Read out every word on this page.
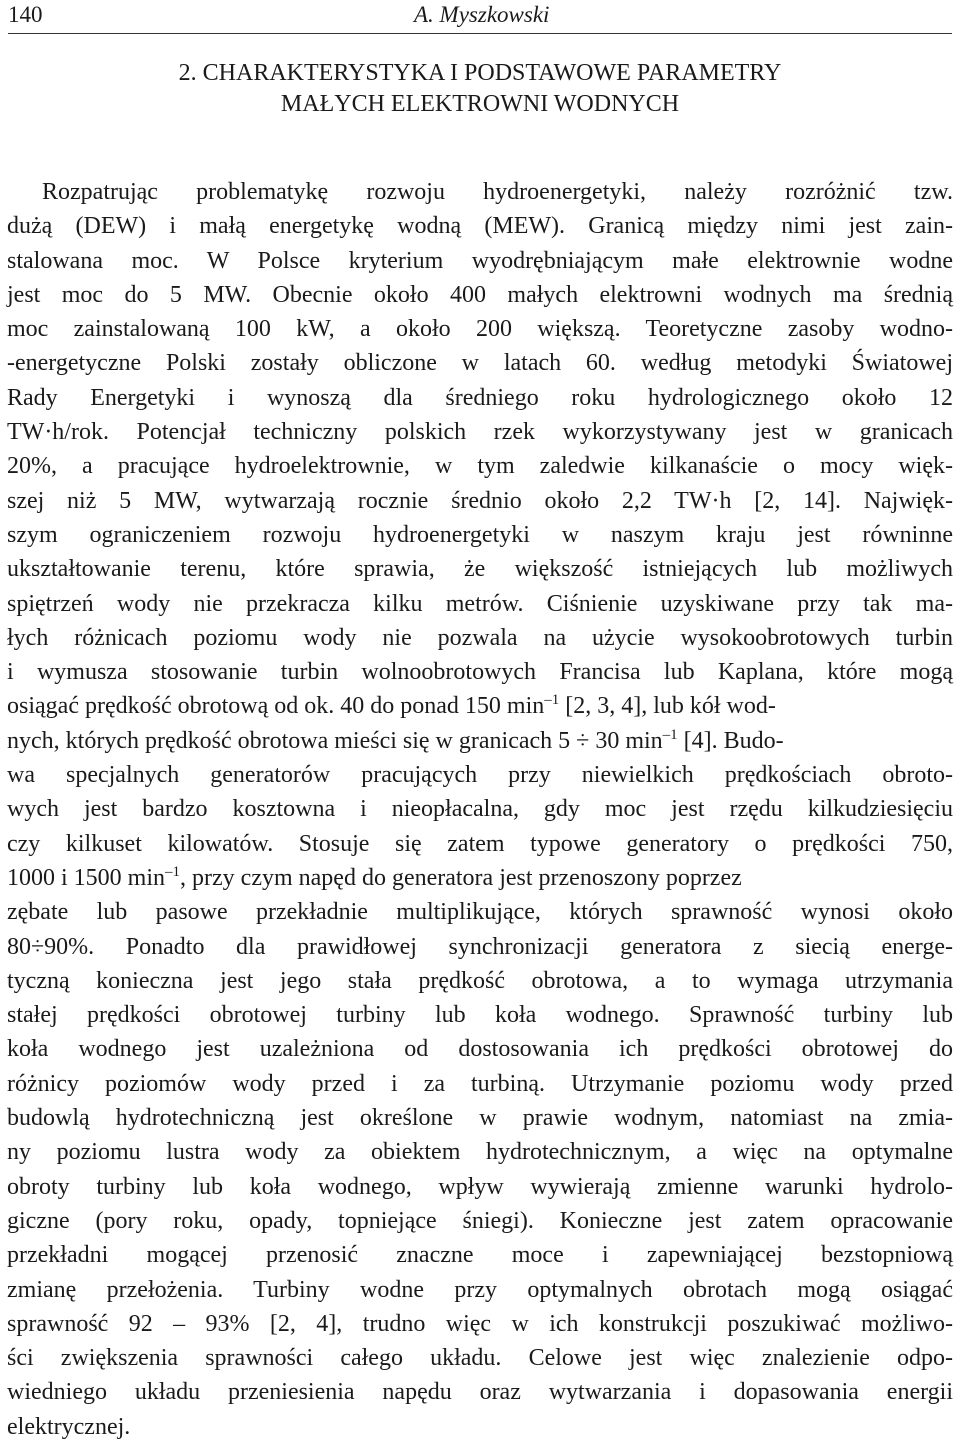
140	A. Myszkowski
2. CHARAKTERYSTYKA I PODSTAWOWE PARAMETRY
MAŁYCH ELEKTROWNI WODNYCH
Rozpatrując problematykę rozwoju hydroenergetyki, należy rozróżnić tzw.
dużą (DEW) i małą energetykę wodną (MEW). Granicą między nimi jest zain-
stalowana moc. W Polsce kryterium wyodrębniającym małe elektrownie wodne
jest moc do 5 MW. Obecnie około 400 małych elektrowni wodnych ma średnią
moc zainstalowaną 100 kW, a około 200 większą. Teoretyczne zasoby wodno-
-energetyczne Polski zostały obliczone w latach 60. według metodyki Światowej
Rady Energetyki i wynoszą dla średniego roku hydrologicznego około 12
TW·h/rok. Potencjał techniczny polskich rzek wykorzystywany jest w granicach
20%, a pracujące hydroelektrownie, w tym zaledwie kilkanaście o mocy więk-
szej niż 5 MW, wytwarzają rocznie średnio około 2,2 TW·h [2, 14]. Najwięk-
szym ograniczeniem rozwoju hydroenergetyki w naszym kraju jest równinne
ukształtowanie terenu, które sprawia, że większość istniejących lub możliwych
spiętrzeń wody nie przekracza kilku metrów. Ciśnienie uzyskiwane przy tak ma-
łych różnicach poziomu wody nie pozwala na użycie wysokoobrotowych turbin
i wymusza stosowanie turbin wolnoobrotowych Francisa lub Kaplana, które mogą
osiągać prędkość obrotową od ok. 40 do ponad 150 $\min^{-1} [2$, 3, 4], lub kół wod-
nych, których prędkość obrotowa mieści się w granicach 5 ÷ 30 $\min^{-1} [4]$. Budo-
wa specjalnych generatorów pracujących przy niewielkich prędkościach obroto-
wych jest bardzo kosztowna i nieopłacalna, gdy moc jest rzędu kilkudziesięciu
czy kilkuset kilowatów. Stosuje się zatem typowe generatory o prędkości 750,
1000 i 1500 $\min^{-1}$, przy czym napęd do generatora jest przenoszony poprzez
zębate lub pasowe przekładnie multiplikujące, których sprawność wynosi około
80÷90%. Ponadto dla prawidłowej synchronizacji generatora z siecią energe-
tyczną konieczna jest jego stała prędkość obrotowa, a to wymaga utrzymania
stałej prędkości obrotowej turbiny lub koła wodnego. Sprawność turbiny lub
koła wodnego jest uzależniona od dostosowania ich prędkości obrotowej do
różnicy poziomów wody przed i za turbiną. Utrzymanie poziomu wody przed
budowlą hydrotechniczną jest określone w prawie wodnym, natomiast na zmia-
ny poziomu lustra wody za obiektem hydrotechnicznym, a więc na optymalne
obroty turbiny lub koła wodnego, wpływ wywierają zmienne warunki hydrolo-
giczne (pory roku, opady, topniejące śniegi). Konieczne jest zatem opracowanie
przekładni mogącej przenosić znaczne moce i zapewniającej bezstopniową
zmianę przełożenia. Turbiny wodne przy optymalnych obrotach mogą osiągać
sprawność 92 – 93% [2, 4], trudno więc w ich konstrukcji poszukiwać możliwo-
ści zwiększenia sprawności całego układu. Celowe jest więc znalezienie odpo-
wiedniego układu przeniesienia napędu oraz wytwarzania i dopasowania energii
elektrycznej.
